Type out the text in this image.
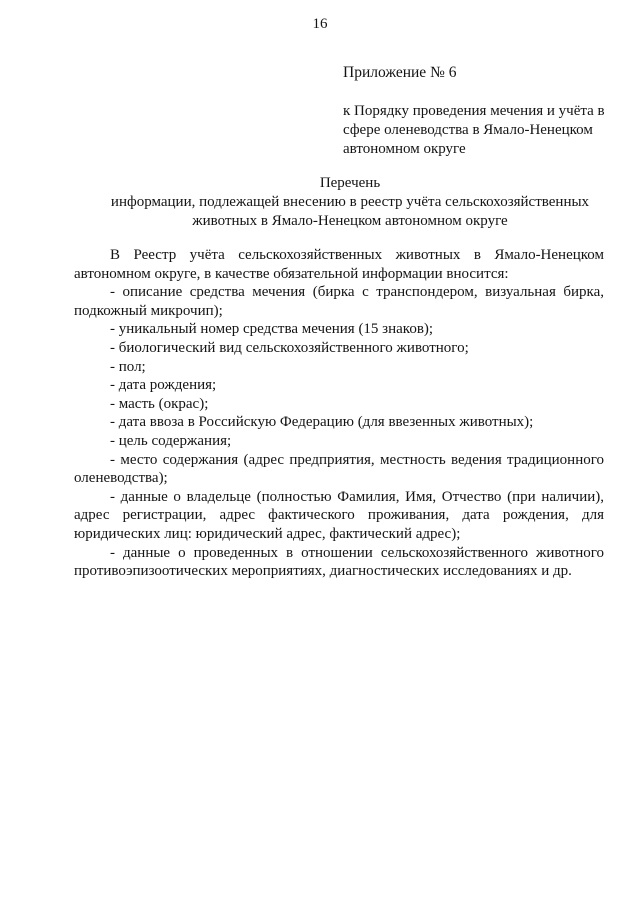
16
Приложение № 6
к Порядку проведения мечения и учёта в
сфере оленеводства в Ямало-Ненецком
автономном округе
Перечень
информации, подлежащей внесению в реестр учёта сельскохозяйственных
животных в Ямало-Ненецком автономном округе

В Реестр учёта сельскохозяйственных животных в Ямало-Ненецком автономном округе, в качестве обязательной информации вносится:

- описание средства мечения (бирка с транспондером, визуальная бирка, подкожный микрочип);

- уникальный номер средства мечения (15 знаков);

- биологический вид сельскохозяйственного животного;

- пол;

- дата рождения;

- масть (окрас);

- дата ввоза в Российскую Федерацию (для ввезенных животных);

- цель содержания;

- место содержания (адрес предприятия, местность ведения традиционного оленеводства);

- данные о владельце (полностью Фамилия, Имя, Отчество (при наличии), адрес регистрации, адрес фактического проживания, дата рождения, для юридических лиц: юридический адрес, фактический адрес);

- данные о проведенных в отношении сельскохозяйственного животного противоэпизоотических мероприятиях, диагностических исследованиях и др.
